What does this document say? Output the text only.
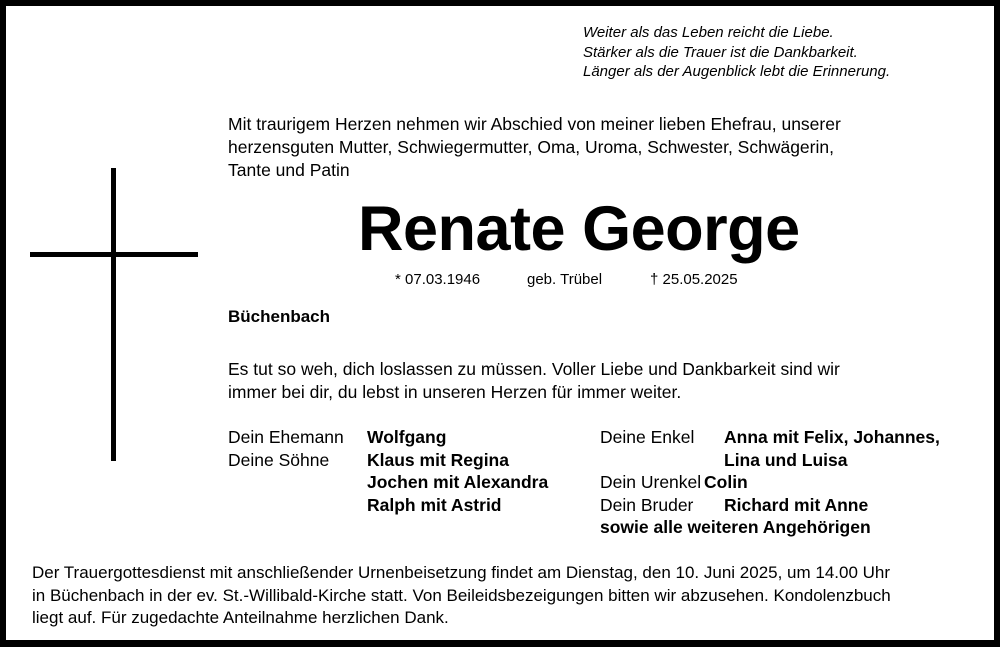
Weiter als das Leben reicht die Liebe.
Stärker als die Trauer ist die Dankbarkeit.
Länger als der Augenblick lebt die Erinnerung.
Mit traurigem Herzen nehmen wir Abschied von meiner lieben Ehefrau, unserer
herzensguten Mutter, Schwiegermutter, Oma, Uroma, Schwester, Schwägerin,
Tante und Patin
Renate George
* 07.03.1946	geb. Trübel	† 25.05.2025
Büchenbach
Es tut so weh, dich loslassen zu müssen. Voller Liebe und Dankbarkeit sind wir
immer bei dir, du lebst in unseren Herzen für immer weiter.
Dein Ehemann Wolfgang
Deine Söhne Klaus mit Regina
Jochen mit Alexandra
Ralph mit Astrid
Deine Enkel Anna mit Felix, Johannes,
Lina und Luisa
Dein Urenkel Colin
Dein Bruder Richard mit Anne
sowie alle weiteren Angehörigen
Der Trauergottesdienst mit anschließender Urnenbeisetzung findet am Dienstag, den 10. Juni 2025, um 14.00 Uhr
in Büchenbach in der ev. St.-Willibald-Kirche statt. Von Beileidsbezeigungen bitten wir abzusehen. Kondolenzbuch
liegt auf. Für zugedachte Anteilnahme herzlichen Dank.
